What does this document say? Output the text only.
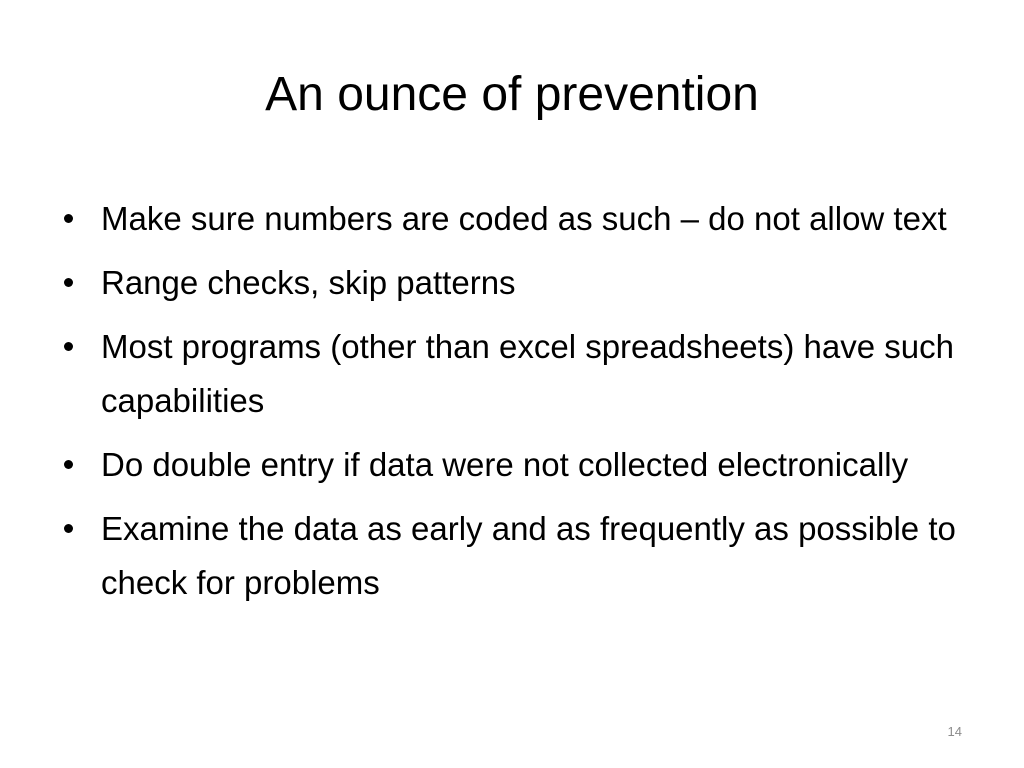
An ounce of prevention
Make sure numbers are coded as such – do not allow text
Range checks, skip patterns
Most programs (other than excel spreadsheets) have such capabilities
Do double entry if data were not collected electronically
Examine the data as early and as frequently as possible to check for problems
14
